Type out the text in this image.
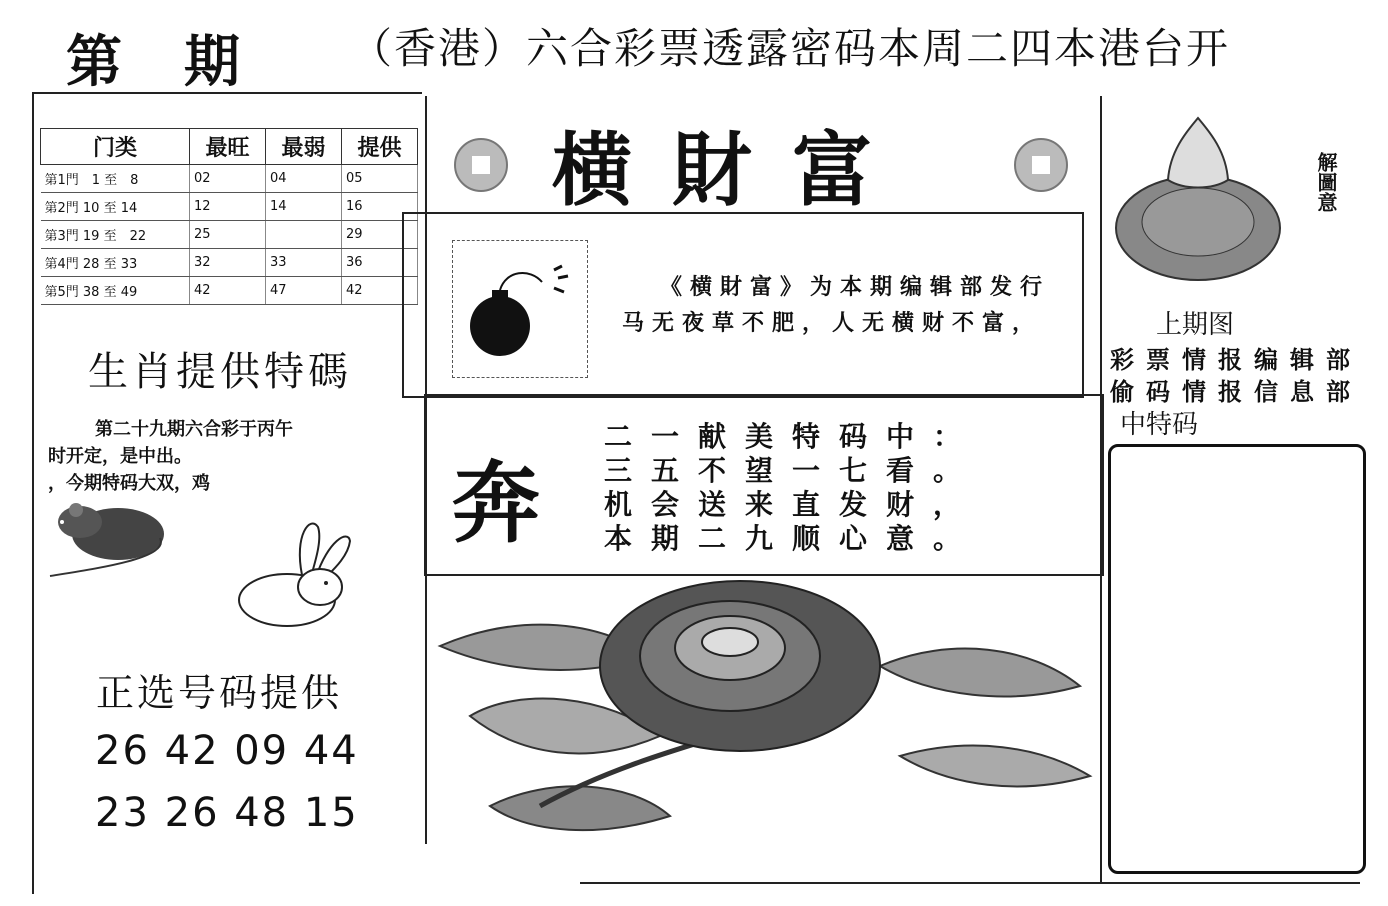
第期 （香港）六合彩票透露密码本周二四本港台开
门类	最旺	最弱	提供
第1門　1 至　8	02	04	05
第2門 10 至 14	12	14	16
第3門 19 至　22	25		29
第4門 28 至 33	32	33	36
第5門 38 至 49	42	47	42
生肖提供特碼
第二十九期六合彩于丙午
时开定，是中出。
，今期特码大双，鸡
正选号码提供
26 42 09 44
23 26 48 15
横財富
《横財富》为本期编辑部发行
马无夜草不肥，人无横财不富，
奔
二一献美特码中：
三五不望一七看。
机会送来直发财，
本期二九顺心意。
解圖意
上期图
彩票情报编辑部
偷码情报信息部
中特码
